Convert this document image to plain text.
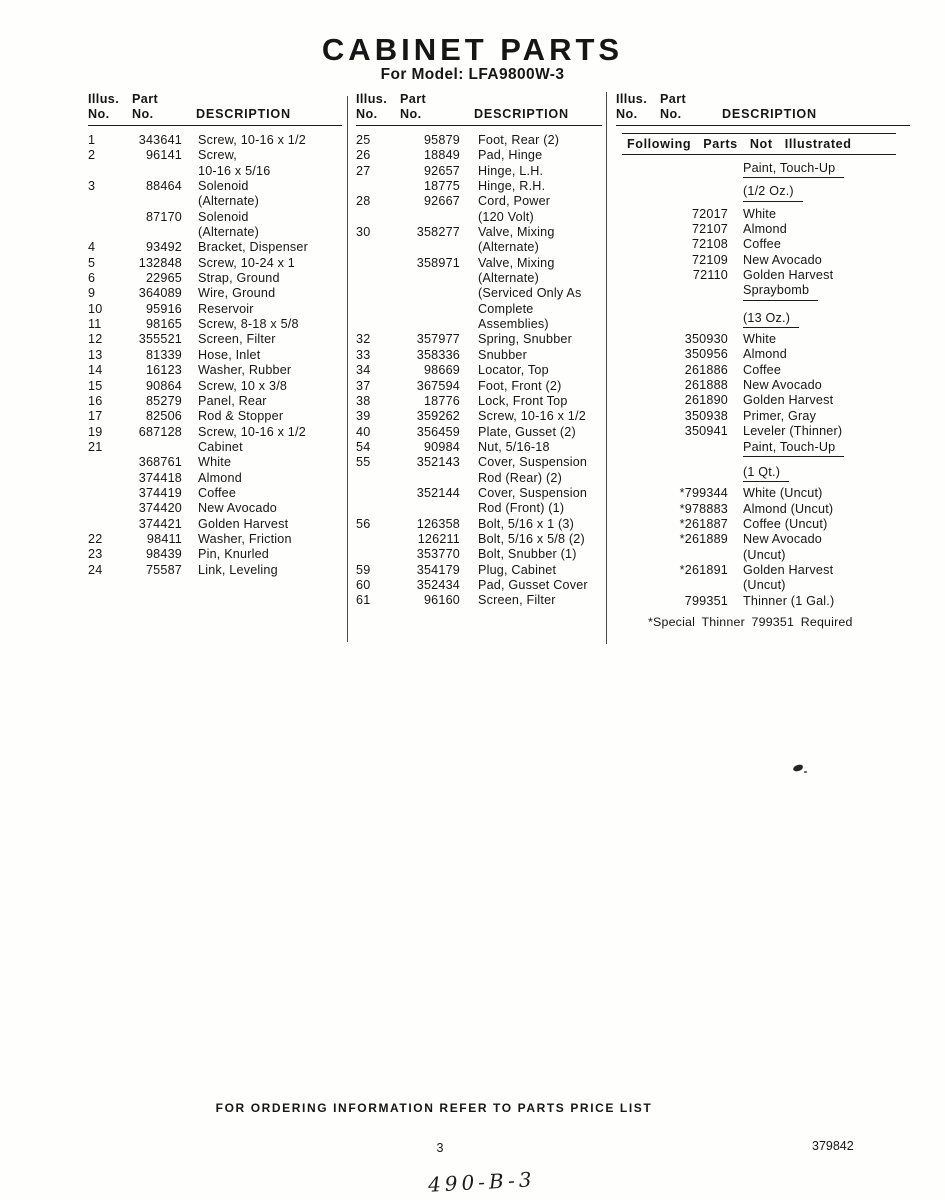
CABINET PARTS
For Model: LFA9800W-3
Illus.	Part
No.	No.	DESCRIPTION
1	343641 Screw, 10-16 x 1/2
2	96141 Screw,
10-16 x 5/16
3	88464 Solenoid
(Alternate)
87170 Solenoid
(Alternate)
4	93492 Bracket, Dispenser
5	132848 Screw, 10-24 x 1
6	22965 Strap, Ground
9	364089 Wire, Ground
10	95916 Reservoir
11	98165 Screw, 8-18 x 5/8
12	355521 Screen, Filter
13	81339 Hose, Inlet
14	16123 Washer, Rubber
15	90864 Screw, 10 x 3/8
16	85279 Panel, Rear
17	82506 Rod & Stopper
19	687128 Screw, 10-16 x 1/2
21	Cabinet
368761 White
374418 Almond
374419 Coffee
374420 New Avocado
374421 Golden Harvest
22	98411 Washer, Friction
23	98439 Pin, Knurled
24	75587 Link, Leveling
Illus.	Part
No.	No.	DESCRIPTION
25	95879 Foot, Rear (2)
26	18849 Pad, Hinge
27	92657 Hinge, L.H.
18775 Hinge, R.H.
28	92667 Cord, Power
(120 Volt)
30	358277 Valve, Mixing
(Alternate)
358971 Valve, Mixing
(Alternate)
(Serviced Only As
Complete
Assemblies)
32	357977 Spring, Snubber
33	358336 Snubber
34	98669 Locator, Top
37	367594 Foot, Front (2)
38	18776 Lock, Front Top
39	359262 Screw, 10-16 x 1/2
40	356459 Plate, Gusset (2)
54	90984 Nut, 5/16-18
55	352143 Cover, Suspension
Rod (Rear) (2)
352144 Cover, Suspension
Rod (Front) (1)
56	126358 Bolt, 5/16 x 1 (3)
126211 Bolt, 5/16 x 5/8 (2)
353770 Bolt, Snubber (1)
59	354179 Plug, Cabinet
60	352434 Pad, Gusset Cover
61	96160 Screen, Filter
Illus.	Part
No.	No.	DESCRIPTION
Following Parts Not Illustrated
Paint, Touch-Up
(1/2 Oz.)
72017 White
72107 Almond
72108 Coffee
72109 New Avocado
72110 Golden Harvest
Spraybomb
(13 Oz.)
350930 White
350956 Almond
261886 Coffee
261888 New Avocado
261890 Golden Harvest
350938 Primer, Gray
350941 Leveler (Thinner)
Paint, Touch-Up
(1 Qt.)
*799344 White (Uncut)
*978883 Almond (Uncut)
*261887 Coffee (Uncut)
*261889 New Avocado
(Uncut)
*261891 Golden Harvest
(Uncut)
799351 Thinner (1 Gal.)
*Special Thinner 799351 Required
FOR ORDERING INFORMATION REFER TO PARTS PRICE LIST
3	379842
490-B-3
